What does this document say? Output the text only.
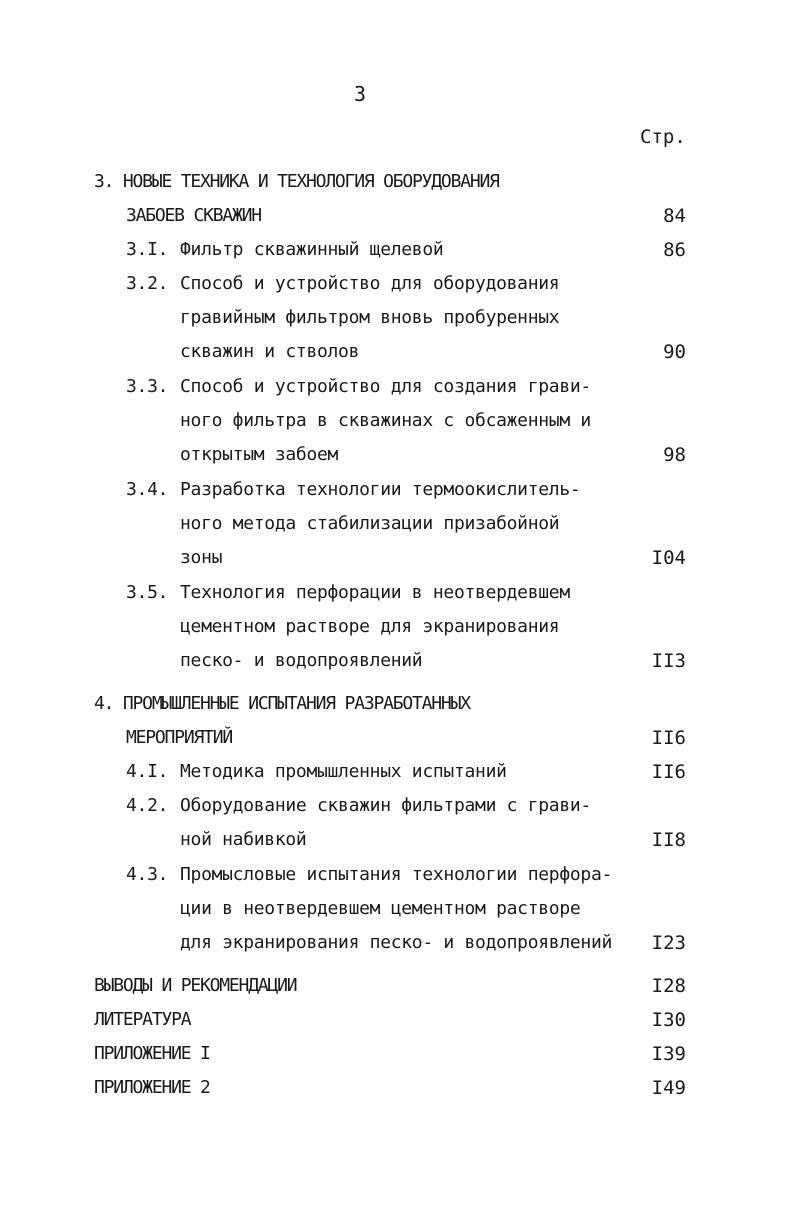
3
Стр.
3. НОВЫЕ ТЕХНИКА И ТЕХНОЛОГИЯ ОБОРУДОВАНИЯ
ЗАБОЕВ СКВАЖИН	84
3.I. Фильтр скважинный щелевой	86
3.2. Способ и устройство для оборудования
гравийным фильтром вновь пробуренных
скважин и стволов	90
3.3. Способ и устройство для создания грави-
ного фильтра в скважинах с обсаженным и
открытым забоем	98
3.4. Разработка технологии термоокислитель-
ного метода стабилизации призабойной
зоны	I04
3.5. Технология перфорации в неотвердевшем
цементном растворе для экранирования
песко- и водопроявлений	II3
4. ПРОМЫШЛЕННЫЕ ИСПЫТАНИЯ РАЗРАБОТАННЫХ
МЕРОПРИЯТИЙ	II6
4.I. Методика промышленных испытаний	II6
4.2. Оборудование скважин фильтрами с грави-
ной набивкой	II8
4.3. Промысловые испытания технологии перфора-
ции в неотвердевшем цементном растворе
для экранирования песко- и водопроявлений I23
ВЫВОДЫ И РЕКОМЕНДАЦИИ	I28
ЛИТЕРАТУРА	I30
ПРИЛОЖЕНИЕ I	I39
ПРИЛОЖЕНИЕ 2	I49
